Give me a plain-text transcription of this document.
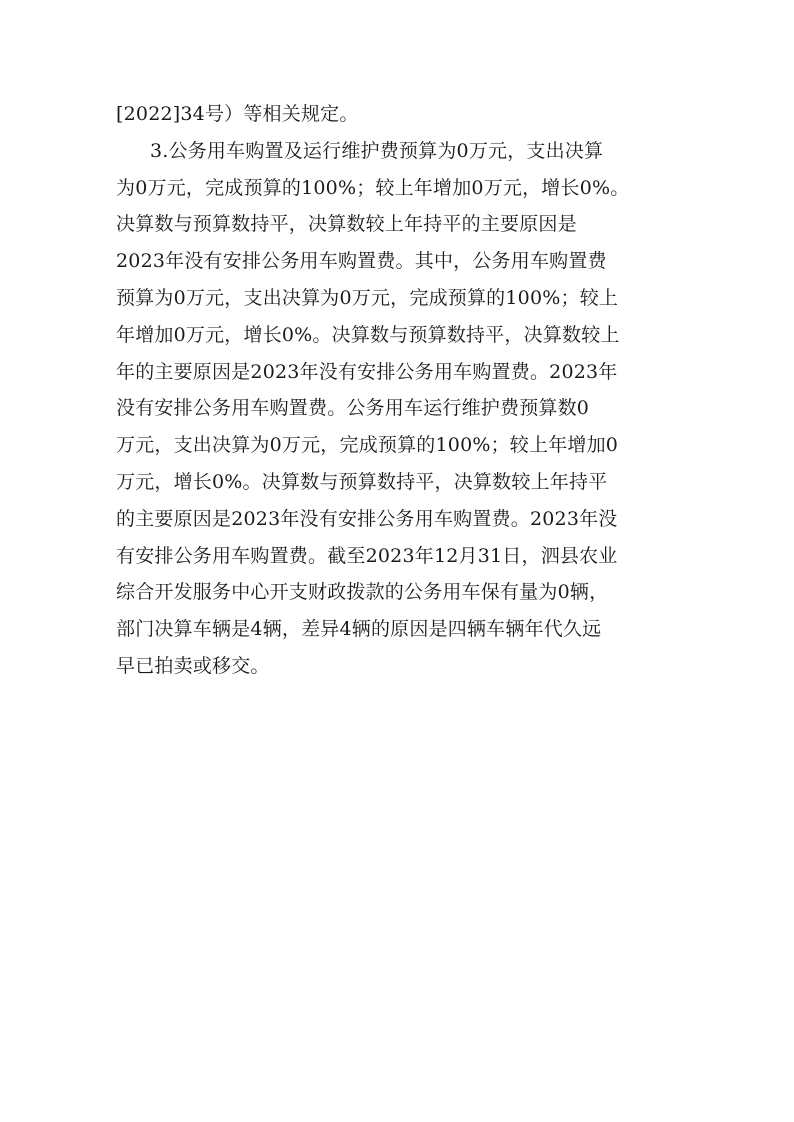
[2022]34号）等相关规定。
3.公务用车购置及运行维护费预算为0万元，支出决算
为0万元，完成预算的100%；较上年增加0万元，增长0%。
决算数与预算数持平，决算数较上年持平的主要原因是
2023年没有安排公务用车购置费。其中，公务用车购置费
预算为0万元，支出决算为0万元，完成预算的100%；较上
年增加0万元，增长0%。决算数与预算数持平，决算数较上
年的主要原因是2023年没有安排公务用车购置费。2023年
没有安排公务用车购置费。公务用车运行维护费预算数0
万元，支出决算为0万元，完成预算的100%；较上年增加0
万元，增长0%。决算数与预算数持平，决算数较上年持平
的主要原因是2023年没有安排公务用车购置费。2023年没
有安排公务用车购置费。截至2023年12月31日，泗县农业
综合开发服务中心开支财政拨款的公务用车保有量为0辆，
部门决算车辆是4辆，差异4辆的原因是四辆车辆年代久远
早已拍卖或移交。
